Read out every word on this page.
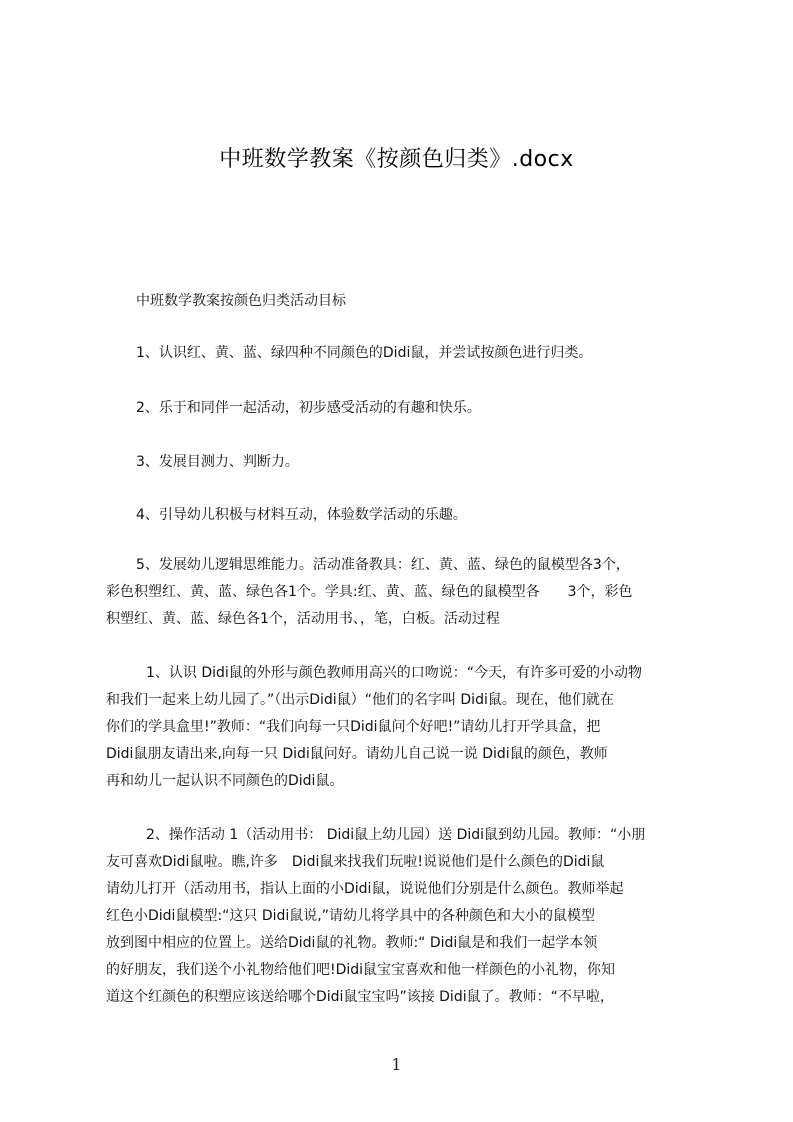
中班数学教案《按颜色归类》.docx

中班数学教案按颜色归类活动目标

1、认识红、黄、蓝、绿四种不同颜色的Didi鼠，并尝试按颜色进行归类。

2、乐于和同伴一起活动，初步感受活动的有趣和快乐。

3、发展目测力、判断力。

4、引导幼儿积极与材料互动，体验数学活动的乐趣。

5、发展幼儿逻辑思维能力。活动准备教具：红、黄、蓝、绿色的鼠模型各3个，
彩色积塑红、黄、蓝、绿色各1个。学具:红、黄、蓝、绿色的鼠模型各　　3个，彩色
积塑红、黄、蓝、绿色各1个，活动用书、，笔，白板。活动过程
1、认识 Didi鼠的外形与颜色教师用高兴的口吻说：“今天，有许多可爱的小动物
和我们一起来上幼儿园了。”（出示Didi鼠）“他们的名字叫 Didi鼠。现在，他们就在
你们的学具盒里!”教师：“我们向每一只Didi鼠问个好吧!”请幼儿打开学具盒，把
Didi鼠朋友请出来,向每一只 Didi鼠问好。请幼儿自己说一说 Didi鼠的颜色，教师
再和幼儿一起认识不同颜色的Didi鼠。
2、操作活动 1（活动用书： Didi鼠上幼儿园）送 Didi鼠到幼儿园。教师：“小朋
友可喜欢Didi鼠啦。瞧,许多　Didi鼠来找我们玩啦!说说他们是什么颜色的Didi鼠
请幼儿打开（活动用书，指认上面的小Didi鼠，说说他们分别是什么颜色。教师举起
红色小Didi鼠模型:“这只 Didi鼠说,”请幼儿将学具中的各种颜色和大小的鼠模型
放到图中相应的位置上。送给Didi鼠的礼物。教师:“ Didi鼠是和我们一起学本领
的好朋友，我们送个小礼物给他们吧!Didi鼠宝宝喜欢和他一样颜色的小礼物，你知
道这个红颜色的积塑应该送给哪个Didi鼠宝宝吗”该接 Didi鼠了。教师：“不早啦，
1
